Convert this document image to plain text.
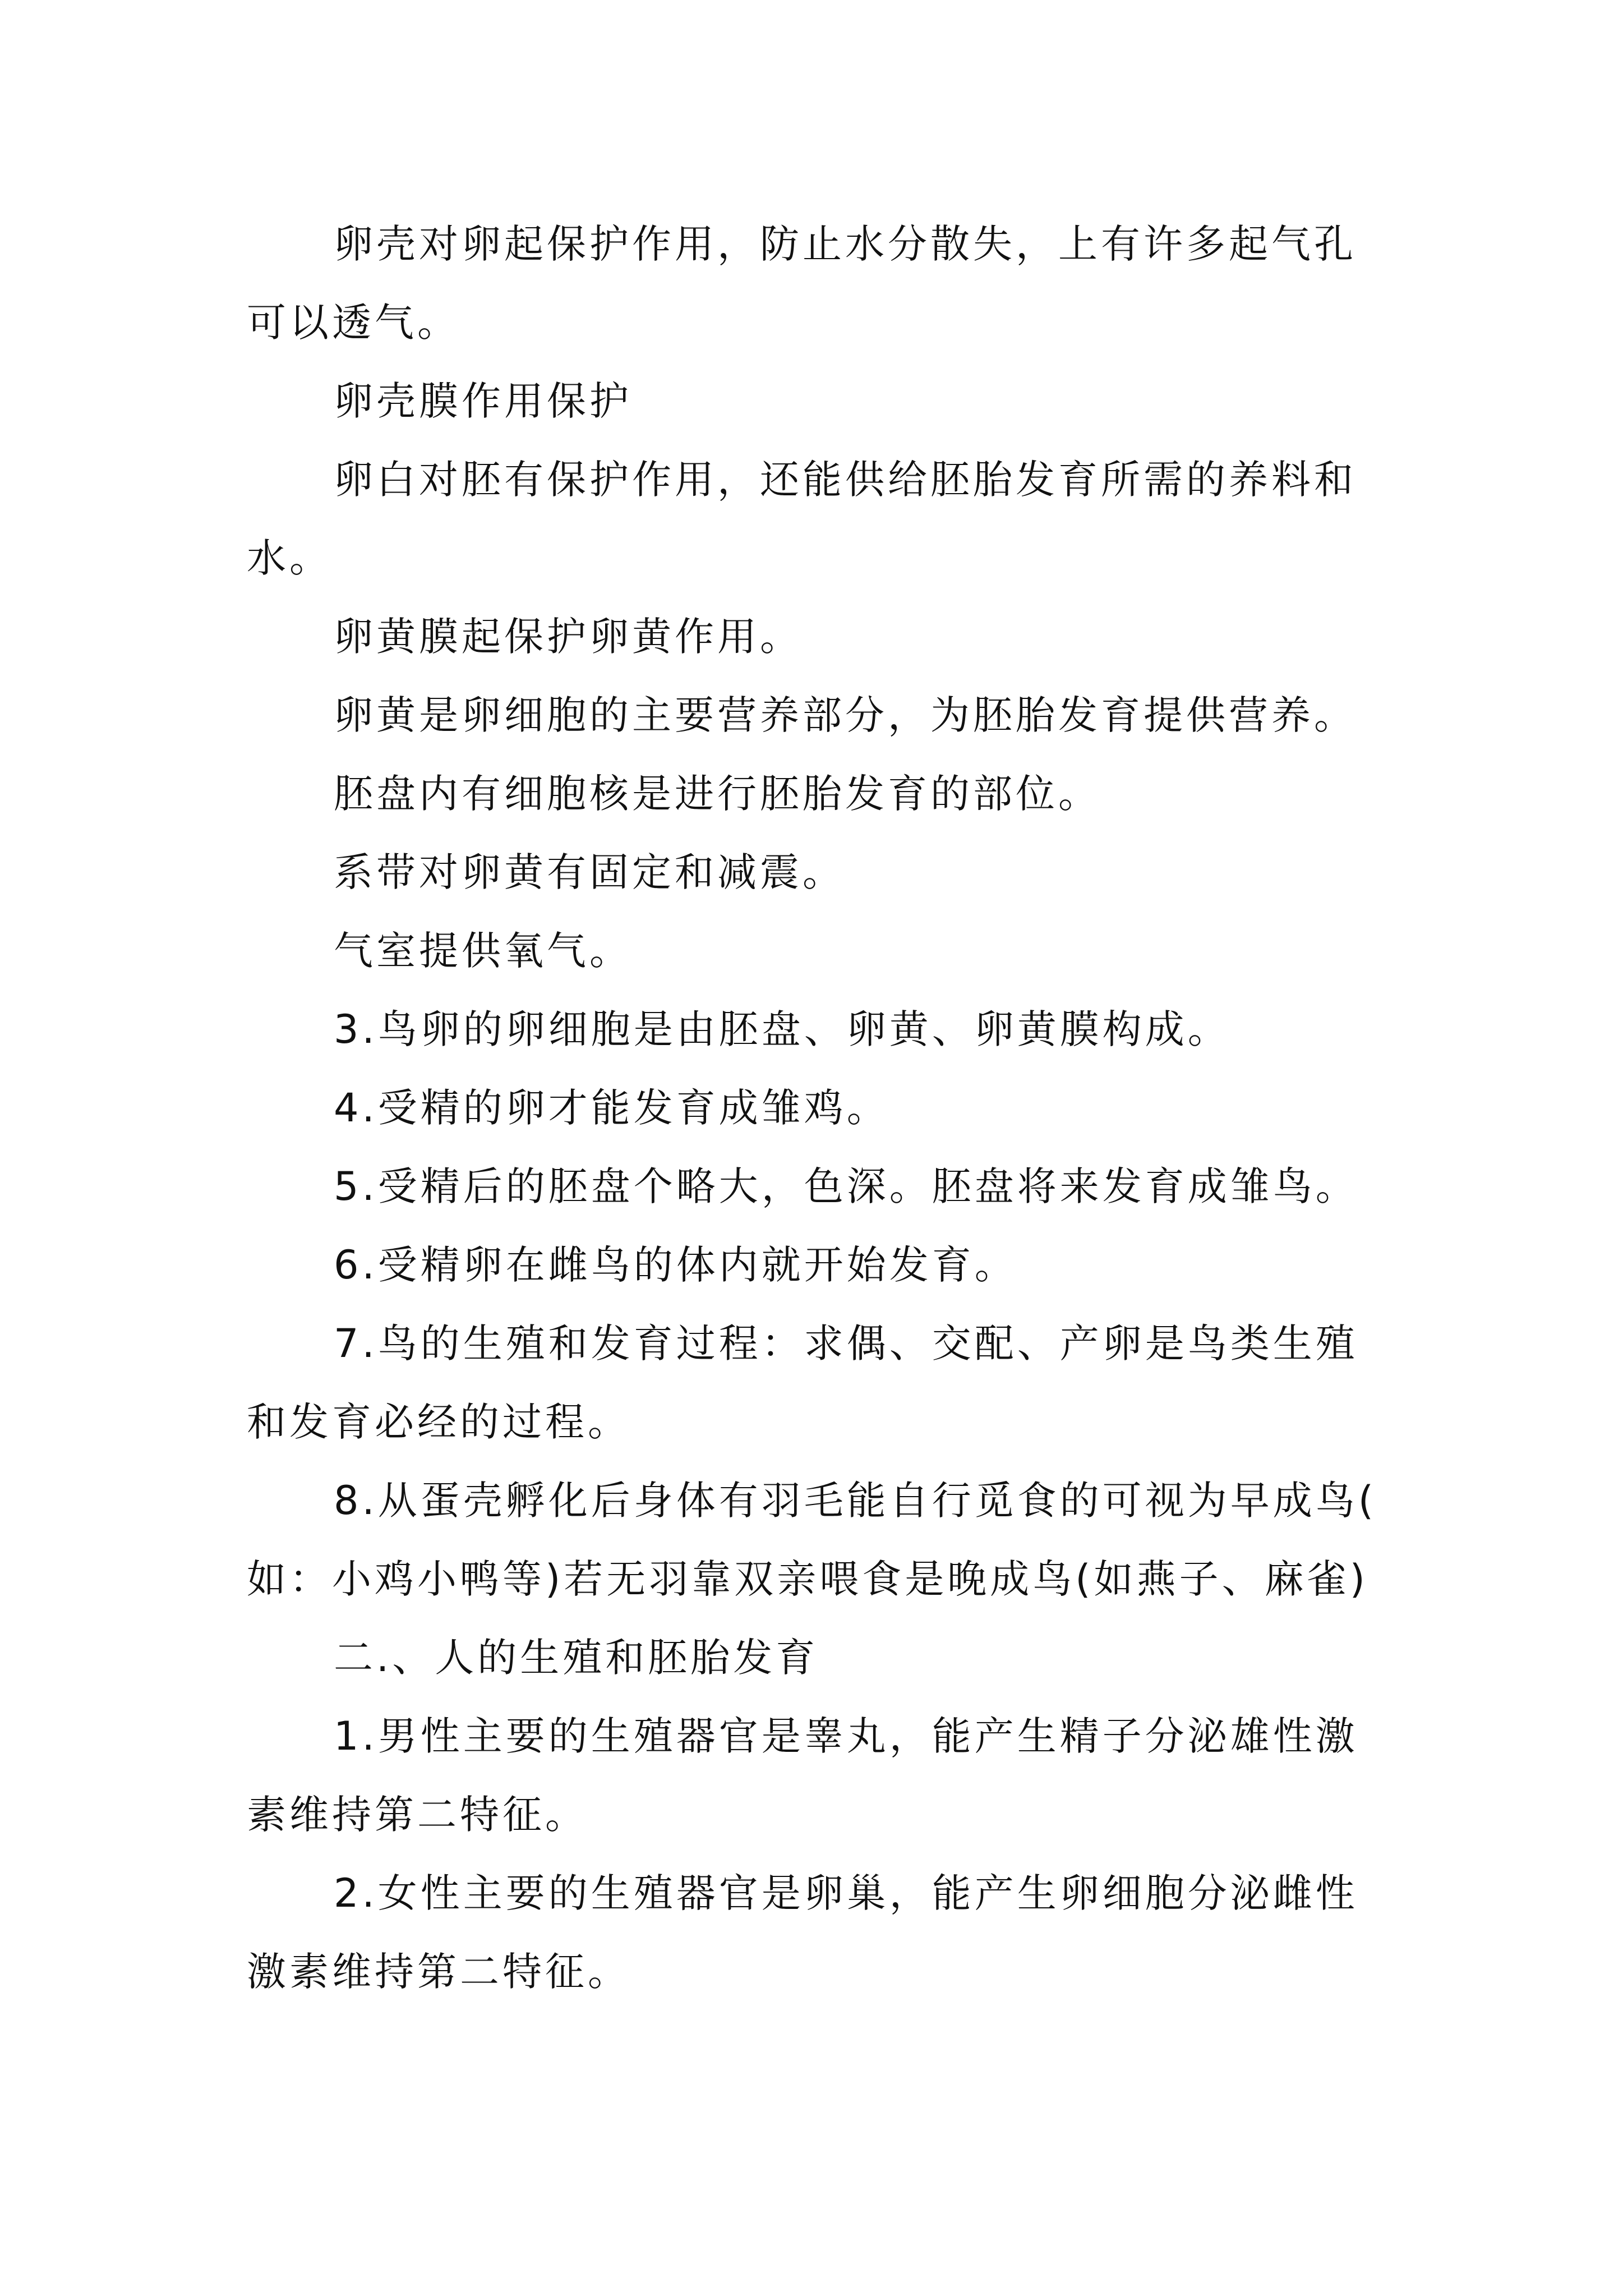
卵壳对卵起保护作用，防止水分散失，上有许多起气孔可以透气。

卵壳膜作用保护

卵白对胚有保护作用，还能供给胚胎发育所需的养料和水。

卵黄膜起保护卵黄作用。

卵黄是卵细胞的主要营养部分，为胚胎发育提供营养。

胚盘内有细胞核是进行胚胎发育的部位。

系带对卵黄有固定和减震。

气室提供氧气。

3.鸟卵的卵细胞是由胚盘、卵黄、卵黄膜构成。

4.受精的卵才能发育成雏鸡。

5.受精后的胚盘个略大，色深。胚盘将来发育成雏鸟。

6.受精卵在雌鸟的体内就开始发育。

7.鸟的生殖和发育过程：求偶、交配、产卵是鸟类生殖和发育必经的过程。

8.从蛋壳孵化后身体有羽毛能自行觅食的可视为早成鸟(如：小鸡小鸭等)若无羽靠双亲喂食是晚成鸟(如燕子、麻雀)

二.、人的生殖和胚胎发育

1.男性主要的生殖器官是睾丸，能产生精子分泌雄性激素维持第二特征。

2.女性主要的生殖器官是卵巢，能产生卵细胞分泌雌性激素维持第二特征。
